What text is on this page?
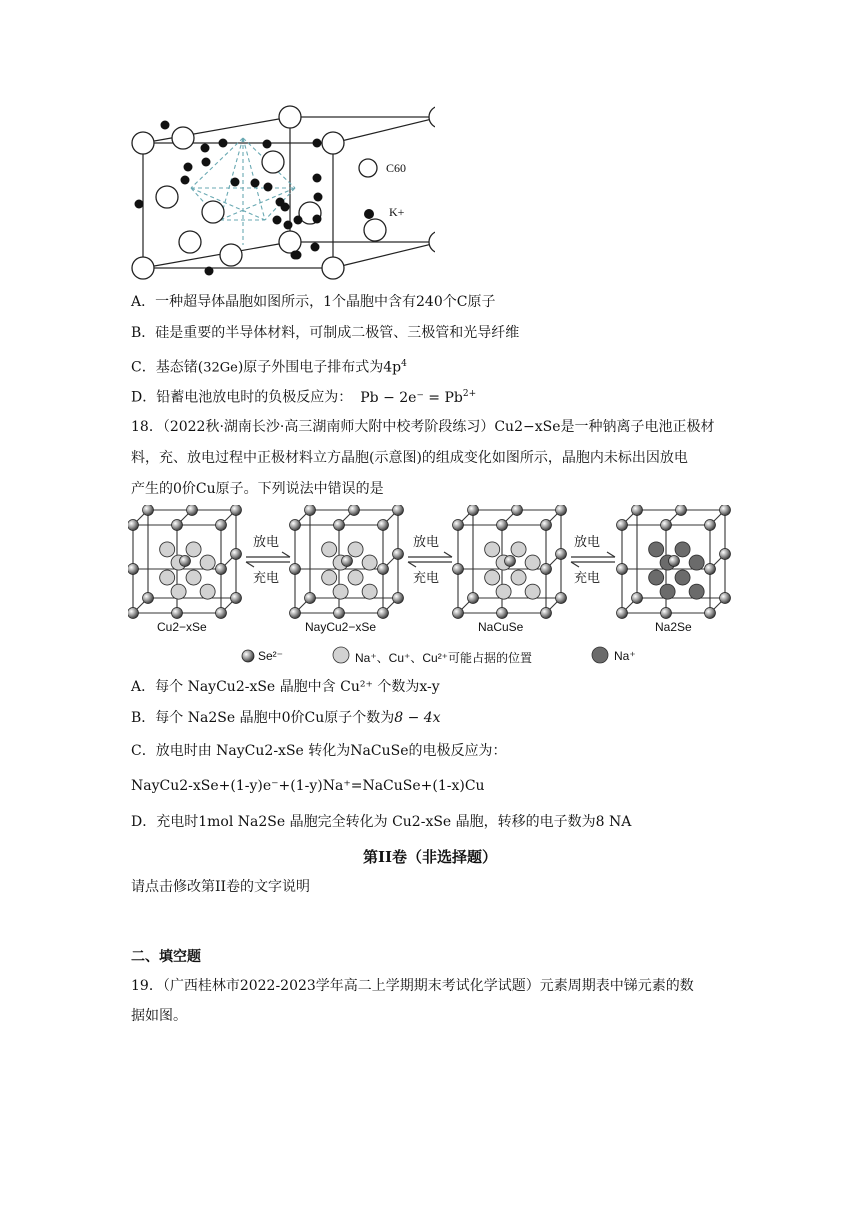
C60
K+
A．一种超导体晶胞如图所示，1个晶胞中含有240个C原子
B．硅是重要的半导体材料，可制成二极管、三极管和光导纤维
C．基态锗(32Ge)原子外围电子排布式为$4p^4$
D．铅蓄电池放电时的负极反应为： $Pb - 2e^- = Pb^{2+}$
18．（2022秋·湖南长沙·高三湖南师大附中校考阶段练习）Cu2−xSe是一种钠离子电池正极材
料，充、放电过程中正极材料立方晶胞(示意图)的组成变化如图所示，晶胞内未标出因放电
产生的0价Cu原子。下列说法中错误的是
放电
充电
放电
充电
放电
充电
Cu2−xSe	NayCu2−xSe	NaCuSe	Na2Se
Se²⁻	Na⁺、Cu⁺、Cu²⁺可能占据的位置	Na⁺
A．每个 NayCu2-xSe 晶胞中含 Cu²⁺ 个数为x-y
B．每个 Na2Se 晶胞中0价Cu原子个数为8 − 4x
C．放电时由 NayCu2-xSe 转化为NaCuSe的电极反应为：
NayCu2-xSe+(1-y)e⁻+(1-y)Na⁺=NaCuSe+(1-x)Cu
D．充电时1mol Na2Se 晶胞完全转化为 Cu2-xSe 晶胞，转移的电子数为8 NA
第II卷（非选择题）
请点击修改第II卷的文字说明
二、填空题
19．（广西桂林市2022-2023学年高二上学期期末考试化学试题）元素周期表中锑元素的数
据如图。
